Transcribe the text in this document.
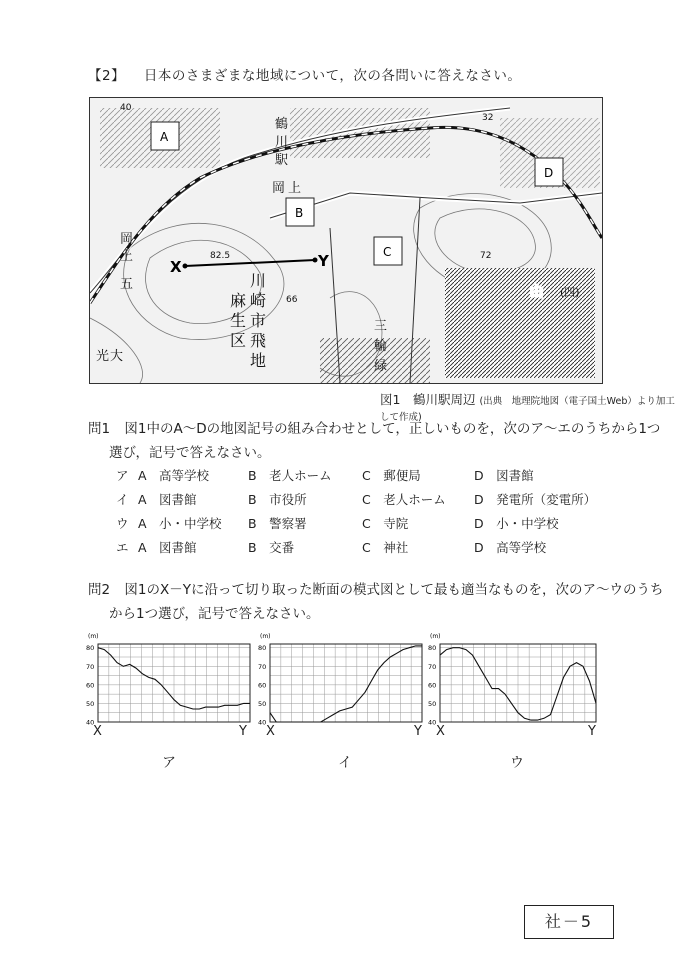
【2】 日本のさまざまな地域について，次の各問いに答えなさい。
A
B
C
D
X	Y
鶴
川
駅
岡 上
川
崎
市
麻
生
区 飛
地
三
輪
緑
山
光 大
(四)
岡
上
五
82.5
66
72
32
40
図1　鶴川駅周辺 (出典　地理院地図（電子国土Web）より加工して作成)
問1 図1中のA～Dの地図記号の組み合わせとして，正しいものを，次のア～エのうちから1つ
選び，記号で答えなさい。
ア A　高等学校	B　老人ホーム C　郵便局	D　図書館
イ A　図書館	B　市役所	C　老人ホーム D　発電所（変電所）
ウ A　小・中学校 B　警察署	C　寺院	D　小・中学校
エ A　図書館	B　交番	C　神社	D　高等学校
問2 図1のX－Yに沿って切り取った断面の模式図として最も適当なものを，次のア～ウのうち
から1つ選び，記号で答えなさい。
(m)
80
70
60
50
40
(m)
80
70
60
50
40
(m)
80
70
60
50
40
X	Y X	Y X	Y
ア	イ	ウ
社－5
